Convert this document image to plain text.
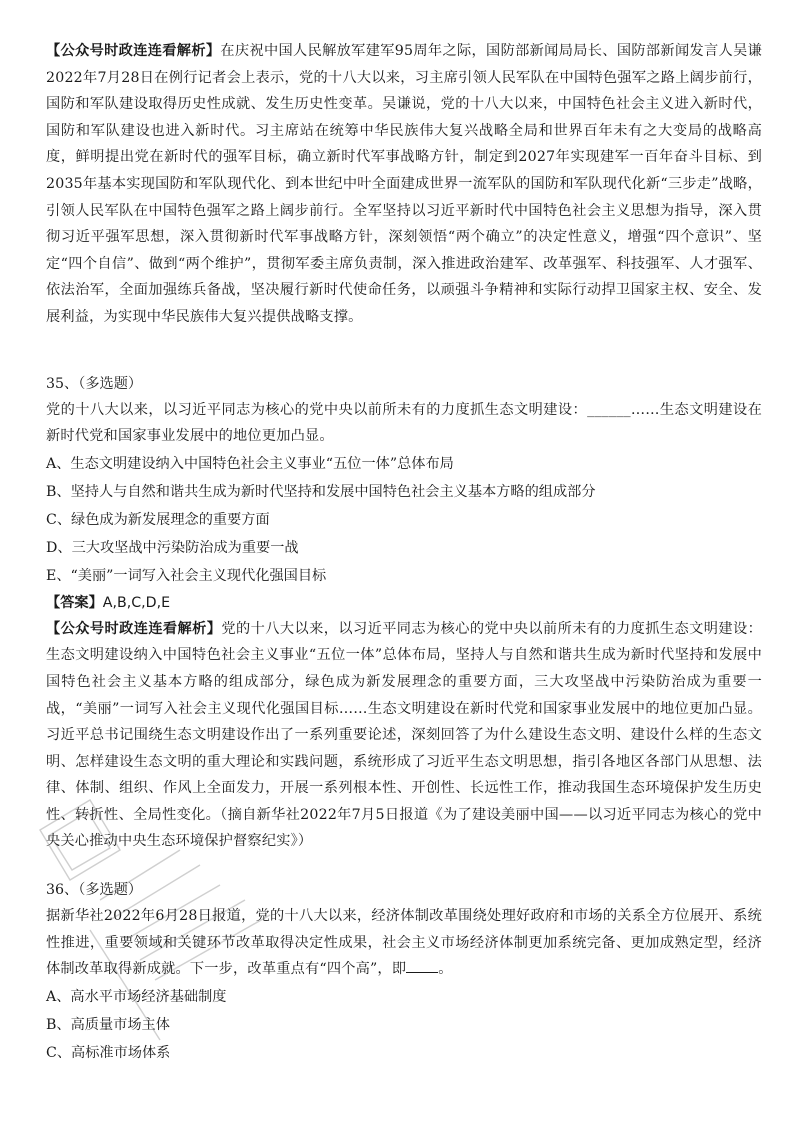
【公众号时政连连看解析】在庆祝中国人民解放军建军95周年之际，国防部新闻局局长、国防部新闻发言人吴谦2022年7月28日在例行记者会上表示，党的十八大以来，习主席引领人民军队在中国特色强军之路上阔步前行，国防和军队建设取得历史性成就、发生历史性变革。吴谦说，党的十八大以来，中国特色社会主义进入新时代，国防和军队建设也进入新时代。习主席站在统筹中华民族伟大复兴战略全局和世界百年未有之大变局的战略高度，鲜明提出党在新时代的强军目标，确立新时代军事战略方针，制定到2027年实现建军一百年奋斗目标、到2035年基本实现国防和军队现代化、到本世纪中叶全面建成世界一流军队的国防和军队现代化新“三步走”战略，引领人民军队在中国特色强军之路上阔步前行。全军坚持以习近平新时代中国特色社会主义思想为指导，深入贯彻习近平强军思想，深入贯彻新时代军事战略方针，深刻领悟“两个确立”的决定性意义，增强“四个意识”、坚定“四个自信”、做到“两个维护”，贯彻军委主席负责制，深入推进政治建军、改革强军、科技强军、人才强军、依法治军，全面加强练兵备战，坚决履行新时代使命任务，以顽强斗争精神和实际行动捍卫国家主权、安全、发展利益，为实现中华民族伟大复兴提供战略支撑。

35、（多选题）

党的十八大以来，以习近平同志为核心的党中央以前所未有的力度抓生态文明建设：______……生态文明建设在新时代党和国家事业发展中的地位更加凸显。

A、生态文明建设纳入中国特色社会主义事业“五位一体”总体布局

B、坚持人与自然和谐共生成为新时代坚持和发展中国特色社会主义基本方略的组成部分

C、绿色成为新发展理念的重要方面

D、三大攻坚战中污染防治成为重要一战

E、“美丽”一词写入社会主义现代化强国目标

【答案】A,B,C,D,E

【公众号时政连连看解析】党的十八大以来，以习近平同志为核心的党中央以前所未有的力度抓生态文明建设：生态文明建设纳入中国特色社会主义事业“五位一体”总体布局，坚持人与自然和谐共生成为新时代坚持和发展中国特色社会主义基本方略的组成部分，绿色成为新发展理念的重要方面，三大攻坚战中污染防治成为重要一战，“美丽”一词写入社会主义现代化强国目标……生态文明建设在新时代党和国家事业发展中的地位更加凸显。习近平总书记围绕生态文明建设作出了一系列重要论述，深刻回答了为什么建设生态文明、建设什么样的生态文明、怎样建设生态文明的重大理论和实践问题，系统形成了习近平生态文明思想，指引各地区各部门从思想、法律、体制、组织、作风上全面发力，开展一系列根本性、开创性、长远性工作，推动我国生态环境保护发生历史性、转折性、全局性变化。（摘自新华社2022年7月5日报道《为了建设美丽中国——以习近平同志为核心的党中央关心推动中央生态环境保护督察纪实》）

36、（多选题）

据新华社2022年6月28日报道，党的十八大以来，经济体制改革围绕处理好政府和市场的关系全方位展开、系统性推进，重要领域和关键环节改革取得决定性成果，社会主义市场经济体制更加系统完备、更加成熟定型，经济体制改革取得新成就。下一步，改革重点有“四个高”，即 。

A、高水平市场经济基础制度

B、高质量市场主体

C、高标准市场体系
